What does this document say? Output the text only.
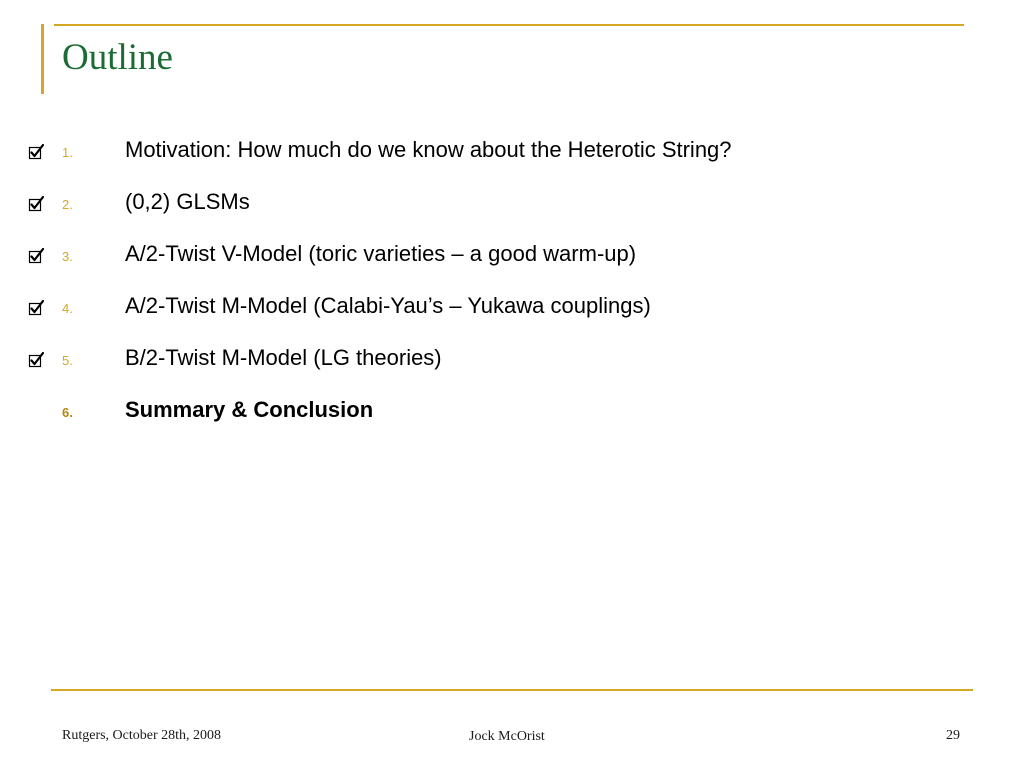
Outline
1. Motivation: How much do we know about the Heterotic String?
2. (0,2) GLSMs
3. A/2-Twist V-Model (toric varieties – a good warm-up)
4. A/2-Twist M-Model (Calabi-Yau’s – Yukawa couplings)
5. B/2-Twist M-Model (LG theories)
6. Summary & Conclusion
Rutgers, October 28th, 2008	Jock McOrist	29
